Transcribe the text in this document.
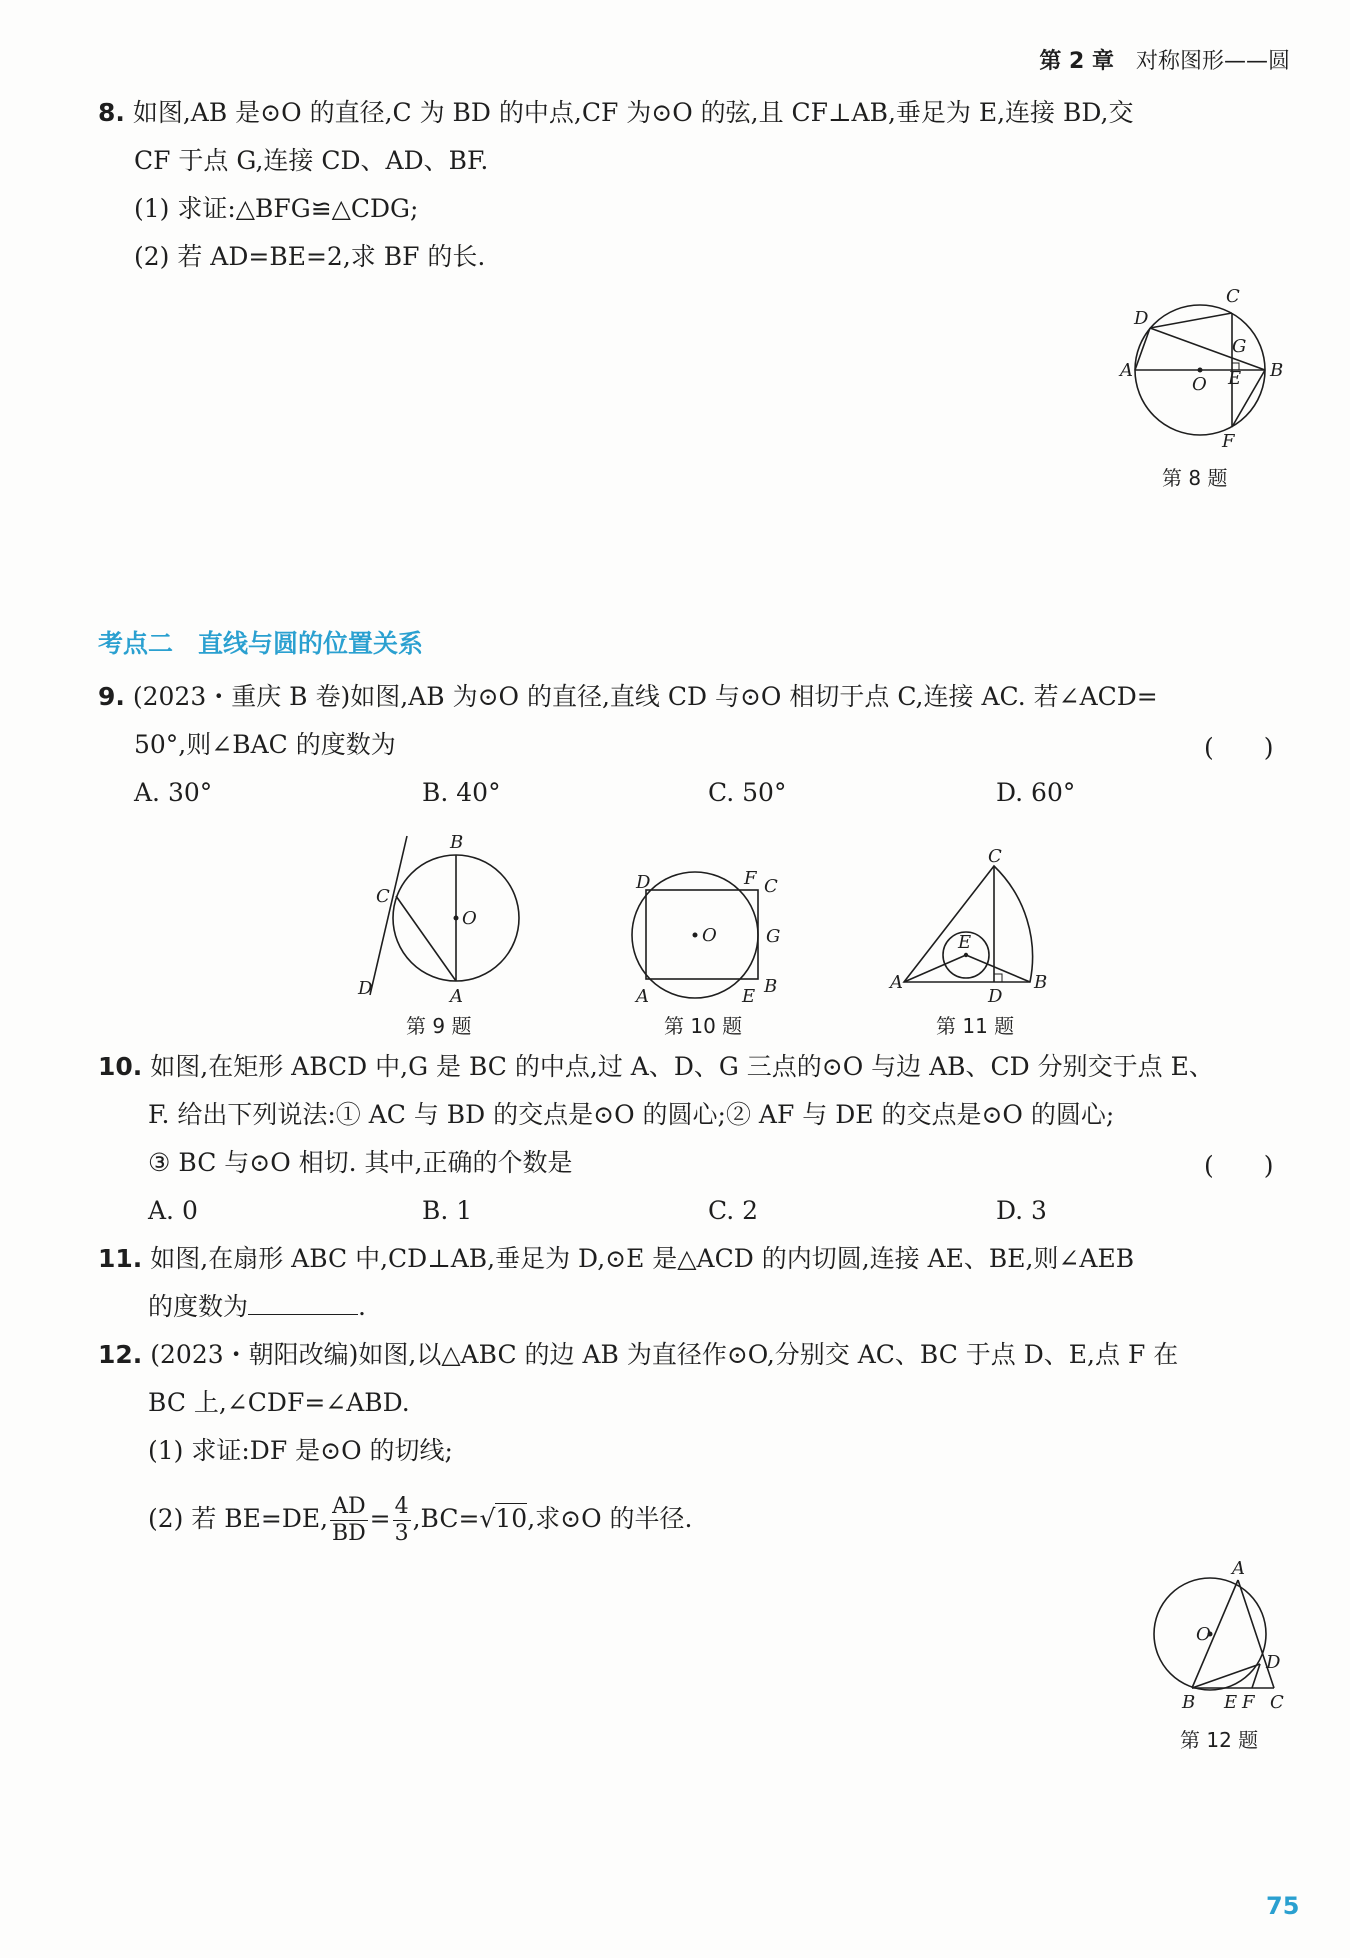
第 2 章 对称图形——圆
8. 如图,AB 是⊙O 的直径,C 为 BD 的中点,CF 为⊙O 的弦,且 CF⊥AB,垂足为 E,连接 BD,交
CF 于点 G,连接 CD、AD、BF.
(1) 求证:△BFG≌△CDG;
(2) 若 AD=BE=2,求 BF 的长.
C
D
G
A	B
O E
F
第 8 题
考点二　直线与圆的位置关系
9. (2023・重庆 B 卷)如图,AB 为⊙O 的直径,直线 CD 与⊙O 相切于点 C,连接 AC. 若∠ACD=
50°,则∠BAC 的度数为	(　　)
A. 30°	B. 40°	C. 50°	D. 60°
B
C
O
D	A
第 9 题
D	F C
O	G
A	E B
第 10 题
C
E
A
D
B
第 11 题
10. 如图,在矩形 ABCD 中,G 是 BC 的中点,过 A、D、G 三点的⊙O 与边 AB、CD 分别交于点 E、
F. 给出下列说法:① AC 与 BD 的交点是⊙O 的圆心;② AF 与 DE 的交点是⊙O 的圆心;
③ BC 与⊙O 相切. 其中,正确的个数是	(　　)
A. 0	B. 1	C. 2	D. 3
11. 如图,在扇形 ABC 中,CD⊥AB,垂足为 D,⊙E 是△ACD 的内切圆,连接 AE、BE,则∠AEB
的度数为	.
12. (2023・朝阳改编)如图,以△ABC 的边 AB 为直径作⊙O,分别交 AC、BC 于点 D、E,点 F 在
BC 上,∠CDF=∠ABD.
(1) 求证:DF 是⊙O 的切线;
(2) 若 BE=DE, $\frac{AD}{BD} = \frac{4}{3} ,BC=√10$,求⊙O 的半径.
A
O
D
B E F C
第 12 题
75
